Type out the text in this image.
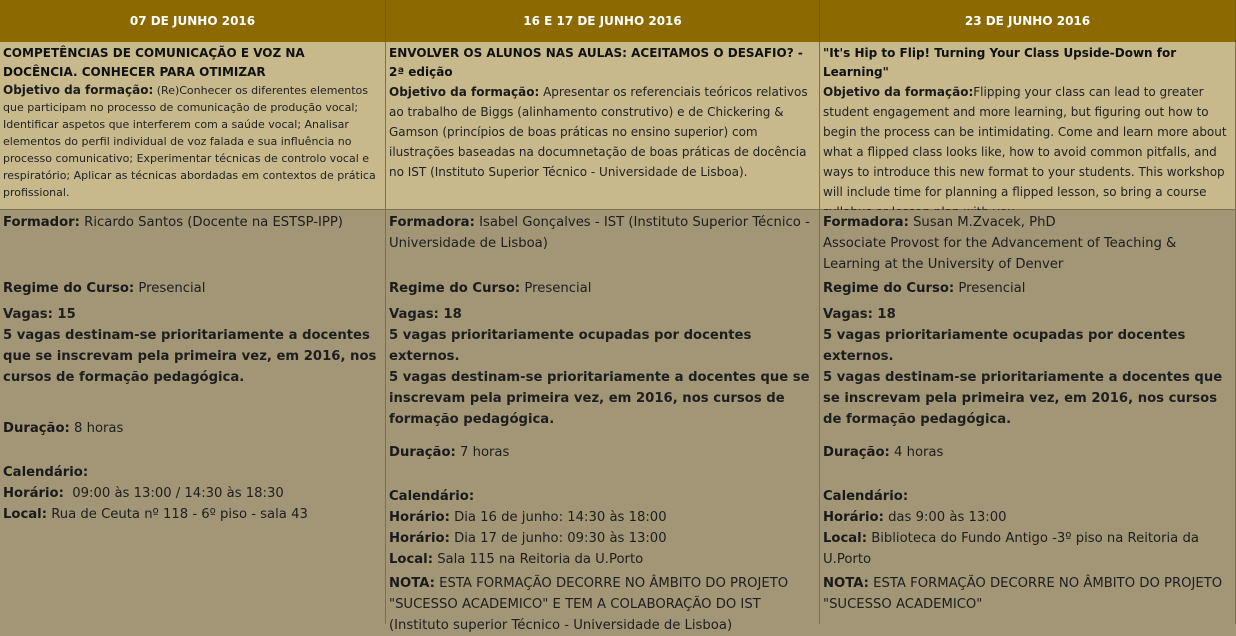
07 DE JUNHO 2016	16 E 17 DE JUNHO 2016	23 DE JUNHO 2016
COMPETÊNCIAS DE COMUNICAÇÃO E VOZ NA DOCÊNCIA. CONHECER PARA OTIMIZAR
Objetivo da formação: (Re)Conhecer os diferentes elementos que participam no processo de comunicação de produção vocal; Identificar aspetos que interferem com a saúde vocal; Analisar elementos do perfil individual de voz falada e sua influência no processo comunicativo; Experimentar técnicas de controlo vocal e respiratório; Aplicar as técnicas abordadas em contextos de prática profissional.
ENVOLVER OS ALUNOS NAS AULAS: ACEITAMOS O DESAFIO? - 2ª edição
Objetivo da formação: Apresentar os referenciais teóricos relativos ao trabalho de Biggs (alinhamento construtivo) e de Chickering & Gamson (princípios de boas práticas no ensino superior) com ilustrações baseadas na documnetação de boas práticas de docência no IST (Instituto Superior Técnico - Universidade de Lisboa).
"It's Hip to Flip! Turning Your Class Upside-Down for Learning"
Objetivo da formação:Flipping your class can lead to greater student engagement and more learning, but figuring out how to begin the process can be intimidating. Come and learn more about what a flipped class looks like, how to avoid common pitfalls, and ways to introduce this new format to your students. This workshop will include time for planning a flipped lesson, so bring a course
Formador: Ricardo Santos (Docente na ESTSP-IPP)
Regime do Curso: Presencial
Vagas: 15
5 vagas destinam-se prioritariamente a docentes que se inscrevam pela primeira vez, em 2016, nos cursos de formação pedagógica.
Duração: 8 horas
Calendário:
Horário: 09:00 às 13:00 / 14:30 às 18:30
Local: Rua de Ceuta nº 118 - 6º piso - sala 43
Formadora: Isabel Gonçalves - IST (Instituto Superior Técnico - Universidade de Lisboa)
Regime do Curso: Presencial
Vagas: 18
5 vagas prioritariamente ocupadas por docentes externos.
5 vagas destinam-se prioritariamente a docentes que se inscrevam pela primeira vez, em 2016, nos cursos de formação pedagógica.
Duração: 7 horas
Calendário:
Horário: Dia 16 de junho: 14:30 às 18:00
Horário: Dia 17 de junho: 09:30 às 13:00
Local: Sala 115 na Reitoria da U.Porto
NOTA: ESTA FORMAÇÃO DECORRE NO ÂMBITO DO PROJETO "SUCESSO ACADEMICO" E TEM A COLABORAÇÃO DO IST (Instituto superior Técnico - Universidade de Lisboa)
Formadora: Susan M.Zvacek, PhD
Associate Provost for the Advancement of Teaching & Learning at the University of Denver
Regime do Curso: Presencial
Vagas: 18
5 vagas prioritariamente ocupadas por docentes externos.
5 vagas destinam-se prioritariamente a docentes que se inscrevam pela primeira vez, em 2016, nos cursos de formação pedagógica.
Duração: 4 horas
Calendário:
Horário: das 9:00 às 13:00
Local: Biblioteca do Fundo Antigo -3º piso na Reitoria da U.Porto
NOTA: ESTA FORMAÇÃO DECORRE NO ÂMBITO DO PROJETO "SUCESSO ACADEMICO"
